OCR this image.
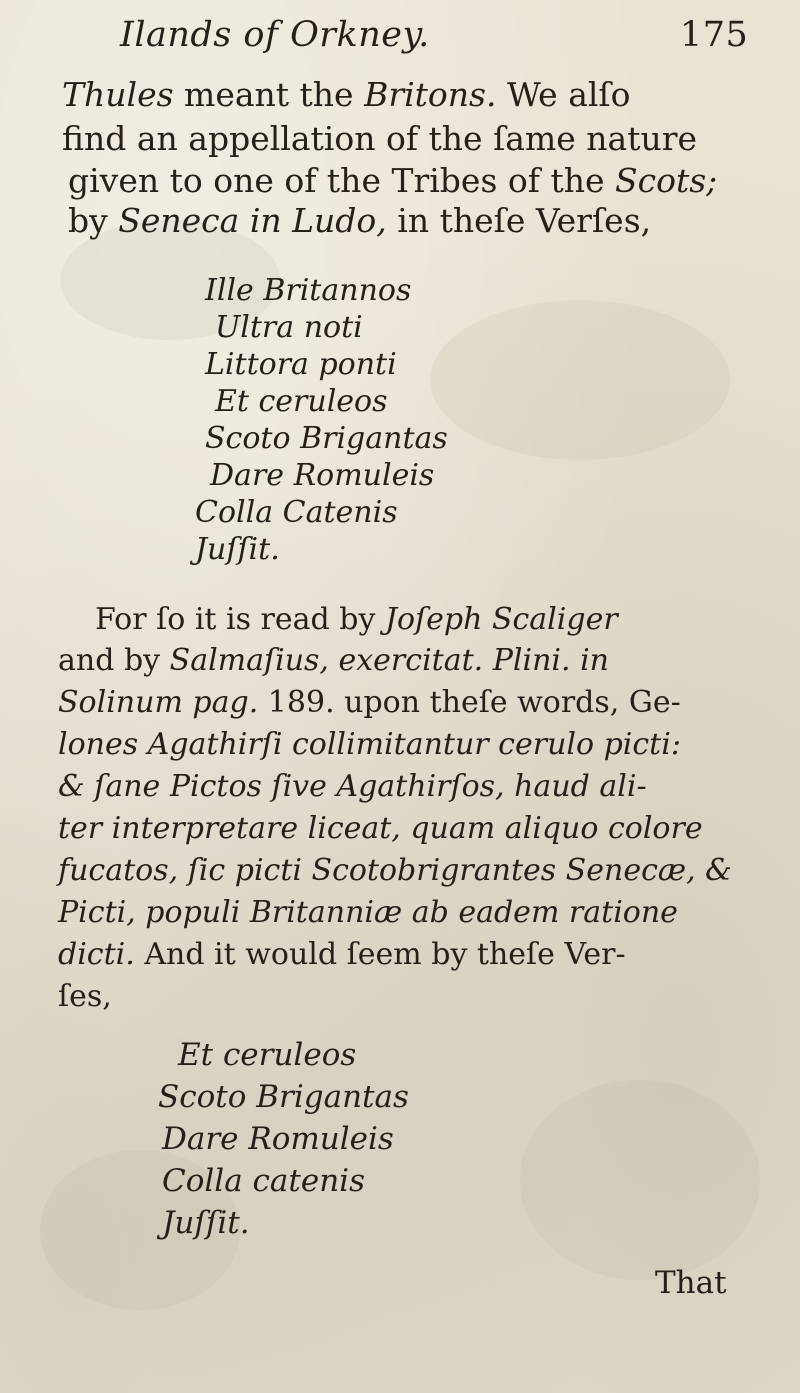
Ilands of Orkney.	175
Thules meant the Britons. We alſo
find an appellation of the ſame nature
given to one of the Tribes of the Scots;
by Seneca in Ludo, in theſe Verſes,
Ille Britannos
Ultra noti
Littora ponti
Et ceruleos
Scoto Brigantas
Dare Romuleis
Colla Catenis
Juſſit.
For ſo it is read by Joſeph Scaliger
and by Salmaſius, exercitat. Plini. in
Solinum pag. 189. upon theſe words, Ge-
lones Agathirſi collimitantur cerulo picti:
& ſane Pictos ſive Agathirſos, haud ali-
ter interpretare liceat, quam aliquo colore
fucatos, ſic picti Scotobrigrantes Senecæ, &
Picti, populi Britanniæ ab eadem ratione
dicti. And it would ſeem by theſe Ver-
ſes,
Et ceruleos
Scoto Brigantas
Dare Romuleis
Colla catenis
Juſſit.
That
